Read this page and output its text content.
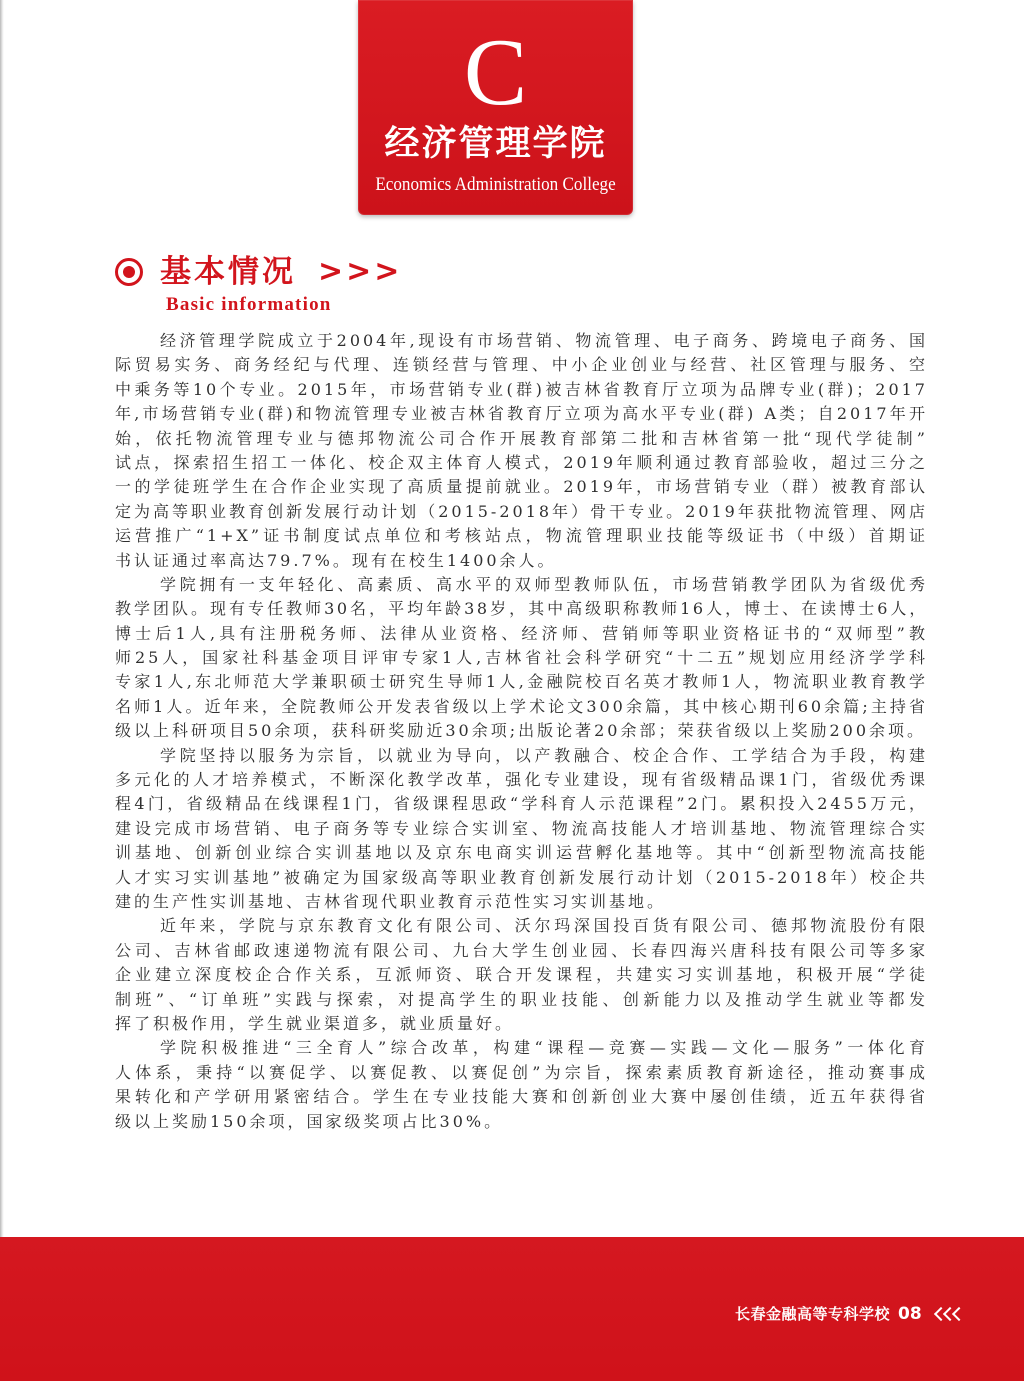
C
经济管理学院
Economics Administration College
基本情况 >>>
Basic information
经济管理学院成立于2004年,现设有市场营销、物流管理、电子商务、跨境电子商务、国
际贸易实务、商务经纪与代理、连锁经营与管理、中小企业创业与经营、社区管理与服务、空
中乘务等10个专业。2015年，市场营销专业(群)被吉林省教育厅立项为品牌专业(群)；2017
年,市场营销专业(群)和物流管理专业被吉林省教育厅立项为高水平专业(群) A类；自2017年开
始，依托物流管理专业与德邦物流公司合作开展教育部第二批和吉林省第一批“现代学徒制”
试点，探索招生招工一体化、校企双主体育人模式，2019年顺利通过教育部验收，超过三分之
一的学徒班学生在合作企业实现了高质量提前就业。2019年，市场营销专业（群）被教育部认
定为高等职业教育创新发展行动计划（2015-2018年）骨干专业。2019年获批物流管理、网店
运营推广“1+X”证书制度试点单位和考核站点，物流管理职业技能等级证书（中级）首期证
书认证通过率高达79.7%。现有在校生1400余人。
学院拥有一支年轻化、高素质、高水平的双师型教师队伍，市场营销教学团队为省级优秀
教学团队。现有专任教师30名，平均年龄38岁，其中高级职称教师16人，博士、在读博士6人，
博士后1人,具有注册税务师、法律从业资格、经济师、营销师等职业资格证书的“双师型”教
师25人，国家社科基金项目评审专家1人,吉林省社会科学研究“十二五”规划应用经济学学科
专家1人,东北师范大学兼职硕士研究生导师1人,金融院校百名英才教师1人，物流职业教育教学
名师1人。近年来，全院教师公开发表省级以上学术论文300余篇，其中核心期刊60余篇;主持省
级以上科研项目50余项，获科研奖励近30余项;出版论著20余部；荣获省级以上奖励200余项。
学院坚持以服务为宗旨，以就业为导向，以产教融合、校企合作、工学结合为手段，构建
多元化的人才培养模式，不断深化教学改革，强化专业建设，现有省级精品课1门，省级优秀课
程4门，省级精品在线课程1门，省级课程思政“学科育人示范课程”2门。累积投入2455万元，
建设完成市场营销、电子商务等专业综合实训室、物流高技能人才培训基地、物流管理综合实
训基地、创新创业综合实训基地以及京东电商实训运营孵化基地等。其中“创新型物流高技能
人才实习实训基地”被确定为国家级高等职业教育创新发展行动计划（2015-2018年）校企共
建的生产性实训基地、吉林省现代职业教育示范性实习实训基地。
近年来，学院与京东教育文化有限公司、沃尔玛深国投百货有限公司、德邦物流股份有限
公司、吉林省邮政速递物流有限公司、九台大学生创业园、长春四海兴唐科技有限公司等多家
企业建立深度校企合作关系，互派师资、联合开发课程，共建实习实训基地，积极开展“学徒
制班”、“订单班”实践与探索，对提高学生的职业技能、创新能力以及推动学生就业等都发
挥了积极作用，学生就业渠道多，就业质量好。
学院积极推进“三全育人”综合改革，构建“课程—竞赛—实践—文化—服务”一体化育
人体系，秉持“以赛促学、以赛促教、以赛促创”为宗旨，探索素质教育新途径，推动赛事成
果转化和产学研用紧密结合。学生在专业技能大赛和创新创业大赛中屡创佳绩，近五年获得省
级以上奖励150余项，国家级奖项占比30%。
长春金融高等专科学校 08
